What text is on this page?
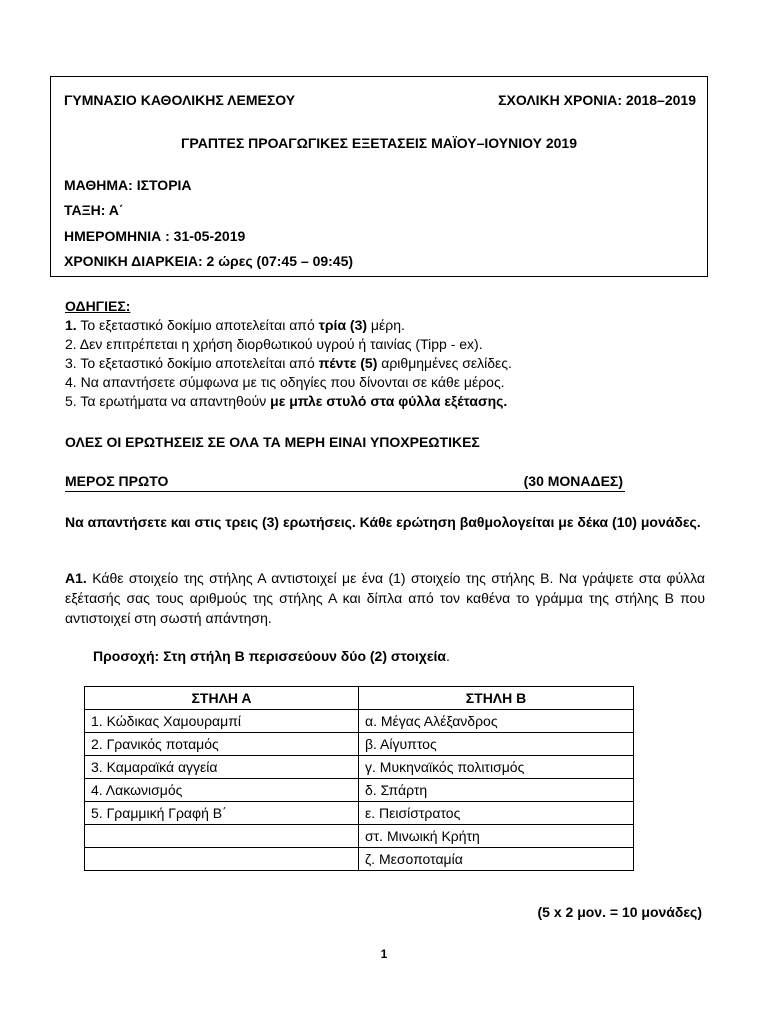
ΓΥΜΝΑΣΙΟ ΚΑΘΟΛΙΚΗΣ ΛΕΜΕΣΟΥ	ΣΧΟΛΙΚΗ ΧΡΟΝΙΑ: 2018–2019
ΓΡΑΠΤΕΣ ΠΡΟΑΓΩΓΙΚΕΣ ΕΞΕΤΑΣΕΙΣ ΜΑΪΟΥ–ΙΟΥΝΙΟΥ 2019
ΜΑΘΗΜΑ: ΙΣΤΟΡΙΑ
ΤΑΞΗ: Α΄
ΗΜΕΡΟΜΗΝΙΑ : 31-05-2019
ΧΡΟΝΙΚΗ ΔΙΑΡΚΕΙΑ: 2 ώρες (07:45 – 09:45)

ΟΔΗΓΙΕΣ:

1. Το εξεταστικό δοκίμιο αποτελείται από τρία (3) μέρη.

2. Δεν επιτρέπεται η χρήση διορθωτικού υγρού ή ταινίας (Tipp - ex).

3. Το εξεταστικό δοκίμιο αποτελείται από πέντε (5) αριθμημένες σελίδες.

4. Να απαντήσετε σύμφωνα με τις οδηγίες που δίνονται σε κάθε μέρος.

5. Τα ερωτήματα να απαντηθούν με μπλε στυλό στα φύλλα εξέτασης.

ΟΛΕΣ ΟΙ ΕΡΩΤΗΣΕΙΣ ΣΕ ΟΛΑ ΤΑ ΜΕΡΗ ΕΙΝΑΙ ΥΠΟΧΡΕΩΤΙΚΕΣ
ΜΕΡΟΣ ΠΡΩΤΟ	(30 ΜΟΝΑΔΕΣ)
Να απαντήσετε και στις τρεις (3) ερωτήσεις. Κάθε ερώτηση βαθμολογείται με δέκα (10) μονάδες.
Α1. Κάθε στοιχείο της στήλης Α αντιστοιχεί με ένα (1) στοιχείο της στήλης Β. Να γράψετε στα φύλλα εξέτασής σας τους αριθμούς της στήλης Α και δίπλα από τον καθένα το γράμμα της στήλης Β που αντιστοιχεί στη σωστή απάντηση.
Προσοχή: Στη στήλη Β περισσεύουν δύο (2) στοιχεία.
ΣΤΗΛΗ Α	ΣΤΗΛΗ Β
1. Κώδικας Χαμουραμπί	α. Μέγας Αλέξανδρος
2. Γρανικός ποταμός	β. Αίγυπτος
3. Καμαραϊκά αγγεία	γ. Μυκηναϊκός πολιτισμός
4. Λακωνισμός	δ. Σπάρτη
5. Γραμμική Γραφή Β΄	ε. Πεισίστρατος
	στ. Μινωική Κρήτη
	ζ. Μεσοποταμία
(5 x 2 μον. = 10 μονάδες)
1
